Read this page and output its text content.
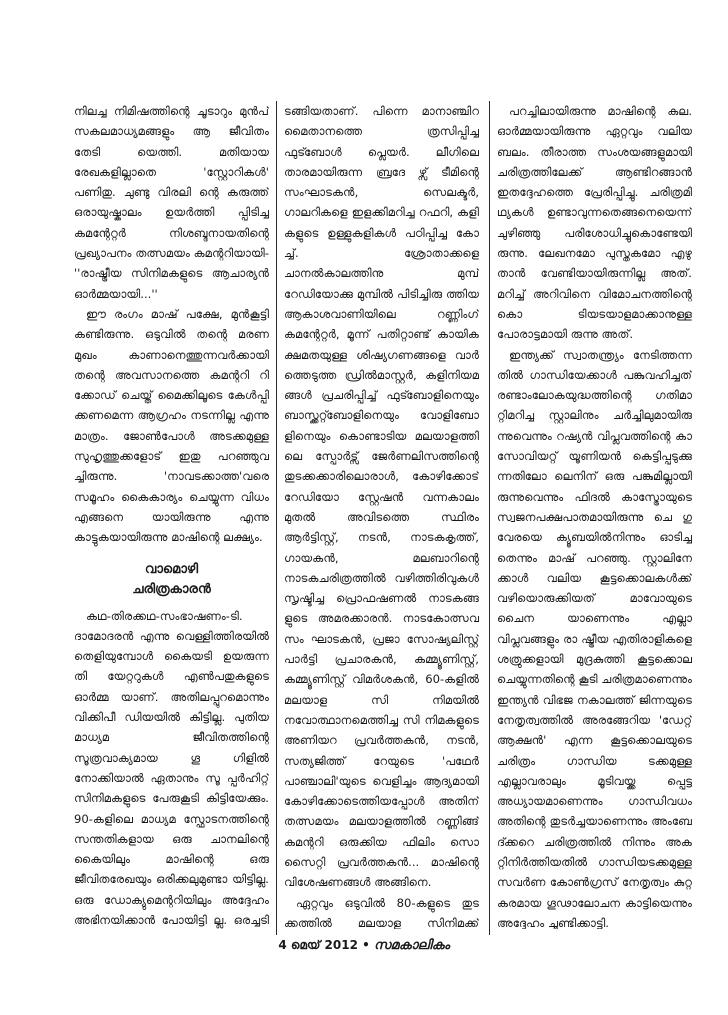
നിലച്ച നിമിഷത്തിന്റെ ചൂടാറും മുൻപ് സകലമാധ്യമങ്ങളും ആ ജീവിതം തേടി യെത്തി. മതിയായ രേഖകളില്ലാതെ 'സ്റ്റോറികൾ' പണിതു. ചുണ്ടു വിരലി ന്റെ കരുത്ത് ഒരായുഷ്കാലം ഉയർത്തി പ്പിടിച്ച കമന്റേറ്റർ നിശബ്ദനായതിന്റെ പ്രഖ്യാപനം തത്സമയം കമന്ററിയായി- ''രാഷ്ട്രീയ സിനിമകളുടെ ആചാര്യൻ ഓർമ്മയായി...''

ഈ രംഗം മാഷ് പക്ഷേ, മുൻകൂട്ടി കണ്ടിരുന്നു. ഒടുവിൽ തന്റെ മരണ മുഖം കാണാനെത്തുന്നവർക്കായി തന്റെ അവസാനത്തെ കമന്ററി റി ക്കോഡ് ചെയ്ത് മൈക്കിലൂടെ കേൾപ്പി ക്കണമെന്ന ആഗ്രഹം നടന്നില്ല എന്നു മാത്രം. ജോൺപോൾ അടക്കമുള്ള സുഹൃത്തുക്കളോട് ഇതു പറഞ്ഞുവ ച്ചിരുന്നു. 'നാവടക്കാത്ത'വരെ സമൂഹം കൈകാര്യം ചെയ്യുന്ന വിധം എങ്ങനെ യായിരുന്നു എന്നു കാട്ടുകയായിരുന്നു മാഷിന്റെ ലക്ഷ്യം.

വാമൊഴി
ചരിത്രകാരൻ

കഥ-തിരക്കഥ-സംഭാഷണം-ടി. ദാമോദരൻ എന്നു വെള്ളിത്തിരയിൽ തെളിയുമ്പോൾ കൈയടി ഉയരുന്ന തി യേറ്ററുകൾ എൺപതുകളുടെ ഓർമ്മ യാണ്. അതിലപ്പുറമൊന്നും വിക്കിപീ ഡിയയിൽ കിട്ടില്ല. പുതിയ മാധ്യമ ജീവിതത്തിന്റെ സൂത്രവാക്യമായ ഗൂ ഗിളിൽ നോക്കിയാൽ ഏതാനും സൂ പ്പർഹിറ്റ് സിനിമകളുടെ പേരുകൂടി കിട്ടിയേക്കും. 90-കളിലെ മാധ്യമ സ്ഫോടനത്തിന്റെ സന്തതികളായ ഒരു ചാനലിന്റെ കൈയിലും മാഷിന്റെ ഒരു ജീവിതരേഖയും ഒരിക്കലുമുണ്ടാ യിട്ടില്ല. ഒരു ഡോക്യുമെന്ററിയിലും അദ്ദേഹം അഭിനയിക്കാൻ പോയിട്ടി ല്ല. ഒരച്ചടി

ടങ്ങിയതാണ്. പിന്നെ മാനാഞ്ചിറ മൈതാനത്തെ ത്രസിപ്പിച്ച ഫുട്ബോൾ പ്ലെയർ. ലീഗിലെ താരമായിരുന്ന ബ്രദേ ഴ്സ് ടീമിന്റെ സംഘാടകൻ, സെലക്ടർ, ഗാലറികളെ ഇളക്കിമറിച്ച റഫറി, കളി കളുടെ ഉള്ളുകളികൾ പഠിപ്പിച്ച കോ ച്ച്. ശ്രോതാക്കളെ ചാനൽകാലത്തിനു മുമ്പ് റേഡിയോക്കു മുമ്പിൽ പിടിച്ചിരു ത്തിയ ആകാശവാണിയിലെ റണ്ണിംഗ് കമന്റേറ്റർ, മൂന്ന് പതിറ്റാണ്ട് കായിക ക്ഷമതയുള്ള ശിഷ്യഗണങ്ങളെ വാർ ത്തെടുത്ത ഡ്രിൽമാസ്റ്റർ, കളിനിയമ ങ്ങൾ പ്രചരിപ്പിച്ച് ഫുട്ബോളിനെയും ബാസ്ക്കറ്റ്ബോളിനെയും വോളിബോ ളിനെയും കൊണ്ടാടിയ മലയാളത്തി ലെ സ്പോർട്സ് ജേർണലിസത്തിന്റെ തുടക്കക്കാരിലൊരാൾ, കോഴിക്കോട് റേഡിയോ സ്റ്റേഷൻ വന്നകാലം മുതൽ അവിടത്തെ സ്ഥിരം ആർട്ടിസ്റ്റ്, നടൻ, നാടകകൃത്ത്, ഗായകൻ, മലബാറിന്റെ നാടകചരിത്രത്തിൽ വഴിത്തിരിവുകൾ സൃഷ്ടിച്ച പ്രൊഫഷണൽ നാടകങ്ങ ളുടെ അമരക്കാരൻ. നാടകോത്സവ സം ഘാടകൻ, പ്രജാ സോഷ്യലിസ്റ്റ് പാർട്ടി പ്രചാരകൻ, കമ്മ്യൂണിസ്റ്റ്, കമ്മ്യൂണിസ്റ്റ് വിമർശകൻ, 60-കളിൽ മലയാള സി നിമയിൽ നവോത്ഥാനമെത്തിച്ച സി നിമകളുടെ അണിയറ പ്രവർത്തകൻ, നടൻ, സത്യജിത്ത് റേയുടെ 'പഥേർ പാഞ്ചാലി'യുടെ വെളിച്ചം ആദ്യമായി കോഴിക്കോടെത്തിയപ്പോൾ അതിന് തത്സമയം മലയാളത്തിൽ റണ്ണിങ്ങ് കമന്ററി ഒരുക്കിയ ഫിലിം സൊ സൈറ്റി പ്രവർത്തകൻ... മാഷിന്റെ വിശേഷണങ്ങൾ അങ്ങിനെ.

ഏറ്റവും ഒടുവിൽ 80-കളുടെ തുട ക്കത്തിൽ മലയാള സിനിമക്ക്

പറച്ചിലായിരുന്നു മാഷിന്റെ കല. ഓർമ്മയായിരുന്നു ഏറ്റവും വലിയ ബലം. തീരാത്ത സംശയങ്ങളുമായി ചരിത്രത്തിലേക്ക് ആണ്ടിറങ്ങാൻ ഇതദ്ദേഹത്തെ പ്രേരിപ്പിച്ചു. ചരിത്രമി ഥ്യകൾ ഉണ്ടാവുന്നതെങ്ങനെയെന്ന് ചുഴിഞ്ഞു പരിശോധിച്ചുകൊണ്ടേയി രുന്നു. ലേഖനമോ പുസ്തകമോ എഴു താൻ വേണ്ടിയായിരുന്നില്ല അത്. മറിച്ച് അറിവിനെ വിമോചനത്തിന്റെ കൊ ടിയടയാളമാക്കാനുള്ള പോരാട്ടമായി രുന്നു അത്.

ഇന്ത്യക്ക് സ്വാതന്ത്ര്യം നേടിത്തന്ന തിൽ ഗാന്ധിയേക്കാൾ പങ്കുവഹിച്ചത് രണ്ടാംലോകയുദ്ധത്തിന്റെ ഗതിമാ റ്റിമറിച്ച സ്റ്റാലിനും ചർച്ചിലുമായിരു ന്നുവെന്നും റഷ്യൻ വിപ്ലവത്തിന്റെ കാ സോവിയറ്റ് യൂണിയൻ കെട്ടിപ്പടുക്കു ന്നതിലോ ലെനിന് ഒരു പങ്കുമില്ലായി രുന്നുവെന്നും ഫിദൽ കാസ്ട്രോയുടെ സ്വജനപക്ഷപാതമായിരുന്നു ചെ ഗു വേരയെ ക്യൂബയിൽനിന്നും ഓടിച്ച തെന്നും മാഷ് പറഞ്ഞു. സ്റ്റാലിനേ ക്കാൾ വലിയ കൂട്ടക്കൊലകൾക്ക് വഴിയൊരുക്കിയത് മാവോയുടെ ചൈന യാണെന്നും എല്ലാ വിപ്ലവങ്ങളും രാ ഷ്ട്രീയ എതിരാളികളെ ശത്രുക്കളായി മുദ്രകുത്തി കൂട്ടക്കൊല ചെയ്യുന്നതിന്റെ കൂടി ചരിത്രമാണെന്നും ഇന്ത്യൻ വിഭജ നകാലത്ത് ജിന്നയുടെ നേതൃത്വത്തിൽ അരങ്ങേറിയ 'ഡേറ്റ് ആക്ഷൻ' എന്ന കൂട്ടക്കൊലയുടെ ചരിത്രം ഗാന്ധിയ ടക്കമുള്ള എല്ലാവരാലും മൂടിവയ്ക്ക പ്പെട്ട അധ്യായമാണെന്നും ഗാന്ധിവധം അതിന്റെ തുടർച്ചയാണെന്നും അംബേ ദ്ക്കറെ ചരിത്രത്തിൽ നിന്നും അക റ്റിനിർത്തിയതിൽ ഗാന്ധിയടക്കമുള്ള സവർണ കോൺഗ്രസ് നേതൃത്വം കുറ്റ കരമായ ഗൂഢാലോചന കാട്ടിയെന്നും അദ്ദേഹം ചൂണ്ടിക്കാട്ടി.

4 മെയ് 2012 • സമകാലികം
